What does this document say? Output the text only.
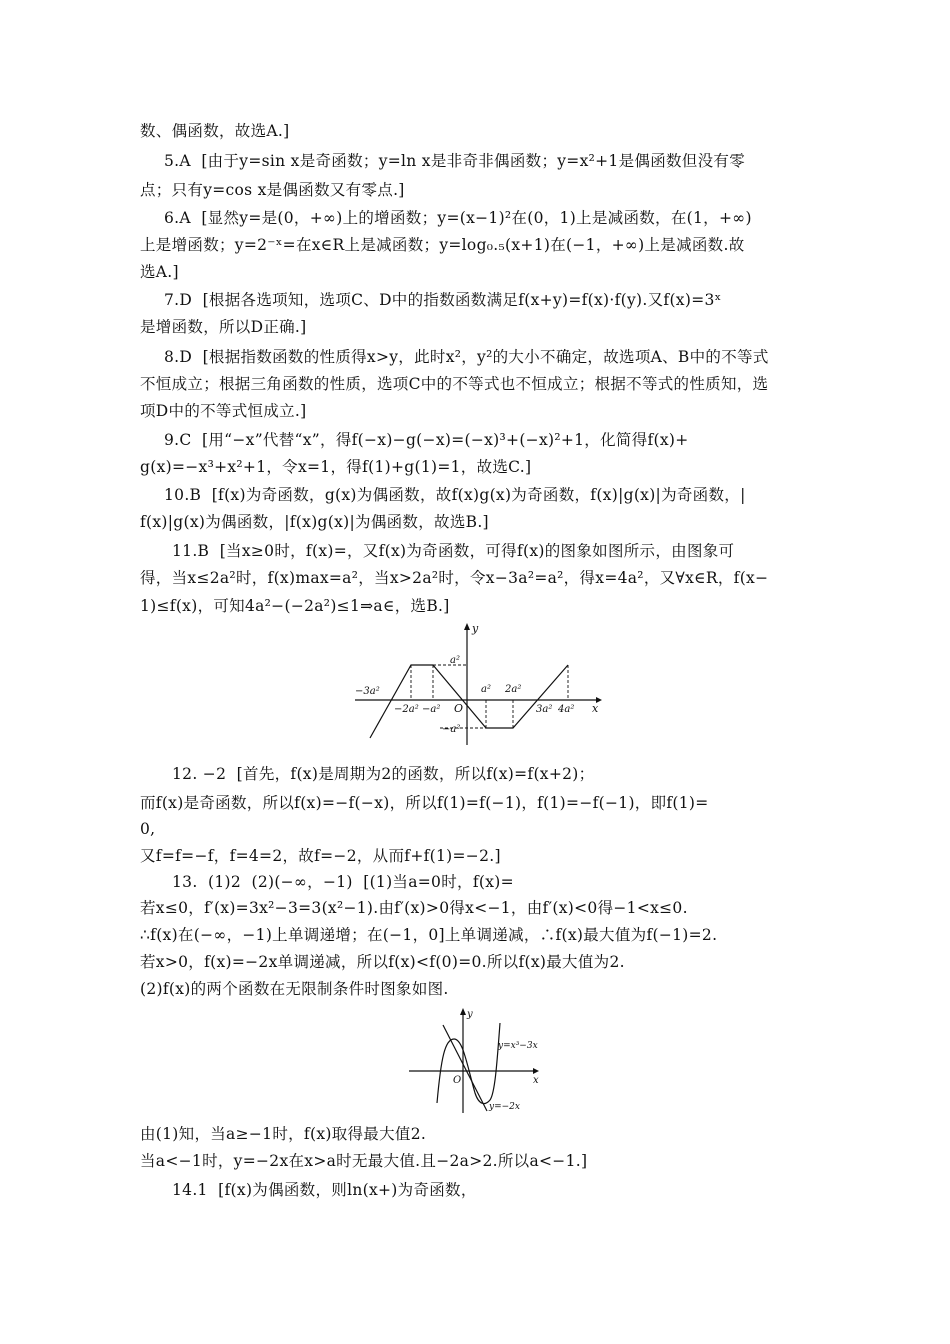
数、偶函数，故选A.]
5.A  [由于y=sin x是奇函数；y=ln x是非奇非偶函数；y=x²+1是偶函数但没有零
点；只有y=cos x是偶函数又有零点.]
6.A  [显然y=是(0，+∞)上的增函数；y=(x−1)²在(0，1)上是减函数，在(1，+∞)
上是增函数；y=2⁻ˣ=在x∈R上是减函数；y=log₀.₅(x+1)在(−1，+∞)上是减函数.故
选A.]
7.D  [根据各选项知，选项C、D中的指数函数满足f(x+y)=f(x)·f(y).又f(x)=3ˣ
是增函数，所以D正确.]
8.D  [根据指数函数的性质得x>y，此时x²，y²的大小不确定，故选项A、B中的不等式
不恒成立；根据三角函数的性质，选项C中的不等式也不恒成立；根据不等式的性质知，选
项D中的不等式恒成立.]
9.C  [用“−x”代替“x”，得f(−x)−g(−x)=(−x)³+(−x)²+1，化简得f(x)+
g(x)=−x³+x²+1，令x=1，得f(1)+g(1)=1，故选C.]
10.B  [f(x)为奇函数，g(x)为偶函数，故f(x)g(x)为奇函数，f(x)|g(x)|为奇函数，|
f(x)|g(x)为偶函数，|f(x)g(x)|为偶函数，故选B.]
11.B  [当x≥0时，f(x)=，又f(x)为奇函数，可得f(x)的图象如图所示，由图象可
得，当x≤2a²时，f(x)max=a²，当x>2a²时，令x−3a²=a²，得x=4a²，又∀x∈R，f(x−
1)≤f(x)，可知4a²−(−2a²)≤1⇒a∈，选B.]
y
x
O
a²
−3a²
−2a² −a²
a² 2a²
3a² 4a²
−a²
12. −2  [首先，f(x)是周期为2的函数，所以f(x)=f(x+2)；
而f(x)是奇函数，所以f(x)=−f(−x)，所以f(1)=f(−1)，f(1)=−f(−1)，即f(1)=
0,
又f=f=−f，f=4=2，故f=−2，从而f+f(1)=−2.]
13.  (1)2  (2)(−∞，−1)  [(1)当a=0时，f(x)=
若x≤0，f′(x)=3x²−3=3(x²−1).由f′(x)>0得x<−1，由f′(x)<0得−1<x≤0.
∴f(x)在(−∞，−1)上单调递增；在(−1，0]上单调递减，∴f(x)最大值为f(−1)=2.
若x>0，f(x)=−2x单调递减，所以f(x)<f(0)=0.所以f(x)最大值为2.
(2)f(x)的两个函数在无限制条件时图象如图.
y
x
O
y=x³−3x
y=−2x
由(1)知，当a≥−1时，f(x)取得最大值2.
当a<−1时，y=−2x在x>a时无最大值.且−2a>2.所以a<−1.]
14.1  [f(x)为偶函数，则ln(x+)为奇函数，
